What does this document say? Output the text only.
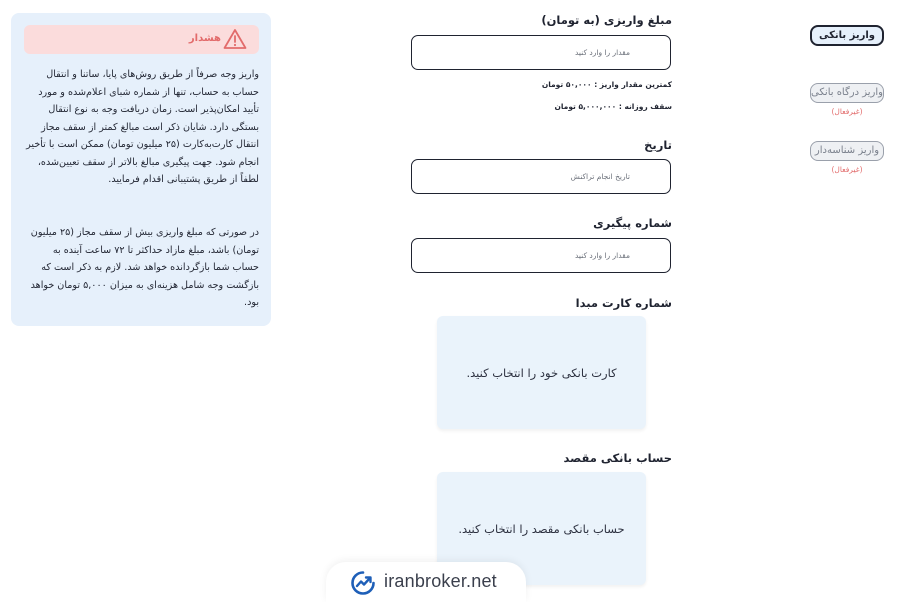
واریز بانکی
واریز درگاه بانکی
(غیرفعال)
واریز شناسه‌دار
(غیرفعال)
مبلغ واریزی (به تومان)
مقدار را وارد کنید
کمترین مقدار واریز : ۵۰,۰۰۰ تومان
سقف روزانه : ۵,۰۰۰,۰۰۰ تومان
تاریخ
تاریخ انجام تراکنش
شماره پیگیری
مقدار را وارد کنید
شماره کارت مبدا
کارت بانکی خود را انتخاب کنید.
حساب بانکی مقصد
حساب بانکی مقصد را انتخاب کنید.
هشدار
واریز وجه صرفاً از طریق روش‌های پایا، ساتنا و انتقال حساب به حساب، تنها از شماره شبای اعلام‌شده و مورد تأیید امکان‌پذیر است. زمان دریافت وجه به نوع انتقال بستگی دارد. شایان ذکر است مبالغ کمتر از سقف مجاز انتقال کارت‌به‌کارت (۲۵ میلیون تومان) ممکن است با تأخیر انجام شود. جهت پیگیری مبالغ بالاتر از سقف تعیین‌شده، لطفاً از طریق پشتیبانی اقدام فرمایید.
در صورتی که مبلغ واریزی بیش از سقف مجاز (۲۵ میلیون تومان) باشد، مبلغ مازاد حداکثر تا ۷۲ ساعت آینده به حساب شما بازگردانده خواهد شد. لازم به ذکر است که بازگشت وجه شامل هزینه‌ای به میزان ۵,۰۰۰ تومان خواهد بود.
iranbroker.net
